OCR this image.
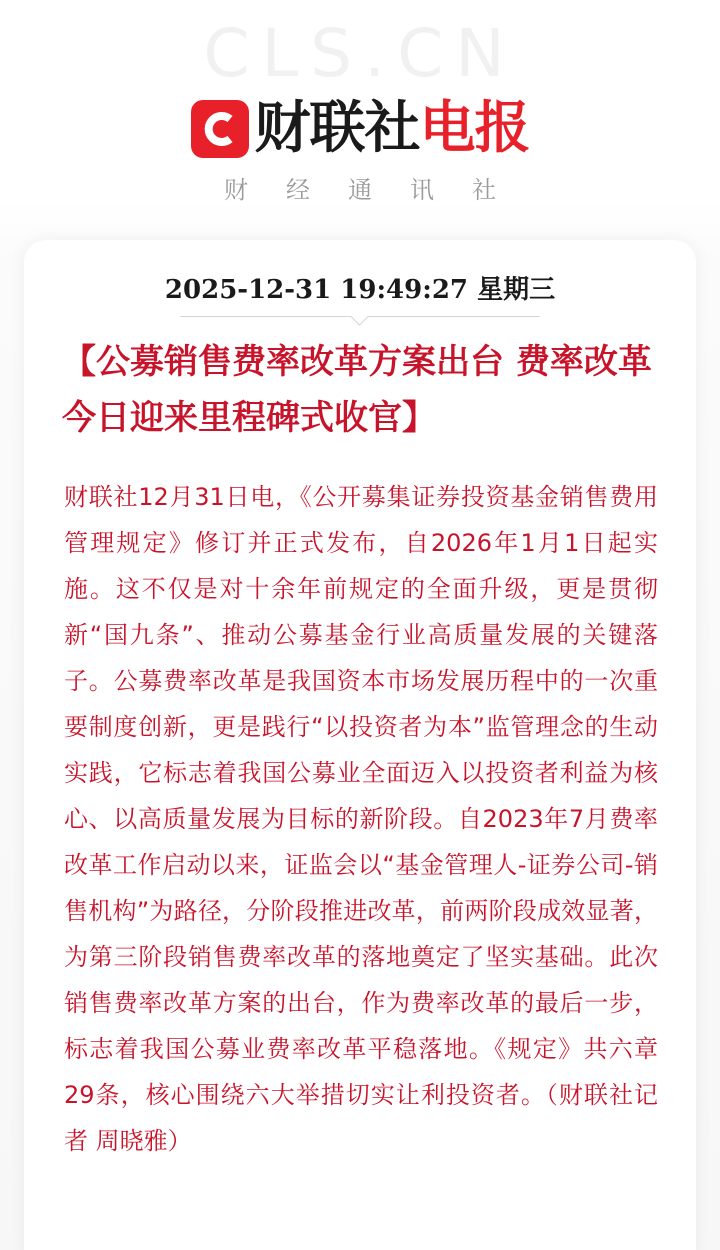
CLS.CN
财联社 电报
财经通讯社
2025-12-31 19:49:27 星期三
【公募销售费率改革方案出台 费率改革今日迎来里程碑式收官】
财联社12月31日电，《公开募集证券投资基金销售费用管理规定》修订并正式发布，自2026年1月1日起实施。这不仅是对十余年前规定的全面升级，更是贯彻新“国九条”、推动公募基金行业高质量发展的关键落子。公募费率改革是我国资本市场发展历程中的一次重要制度创新，更是践行“以投资者为本”监管理念的生动实践，它标志着我国公募业全面迈入以投资者利益为核心、以高质量发展为目标的新阶段。自2023年7月费率改革工作启动以来，证监会以“基金管理人-证券公司-销售机构”为路径，分阶段推进改革，前两阶段成效显著，为第三阶段销售费率改革的落地奠定了坚实基础。此次销售费率改革方案的出台，作为费率改革的最后一步，标志着我国公募业费率改革平稳落地。《规定》共六章29条，核心围绕六大举措切实让利投资者。（财联社记者 周晓雅）
